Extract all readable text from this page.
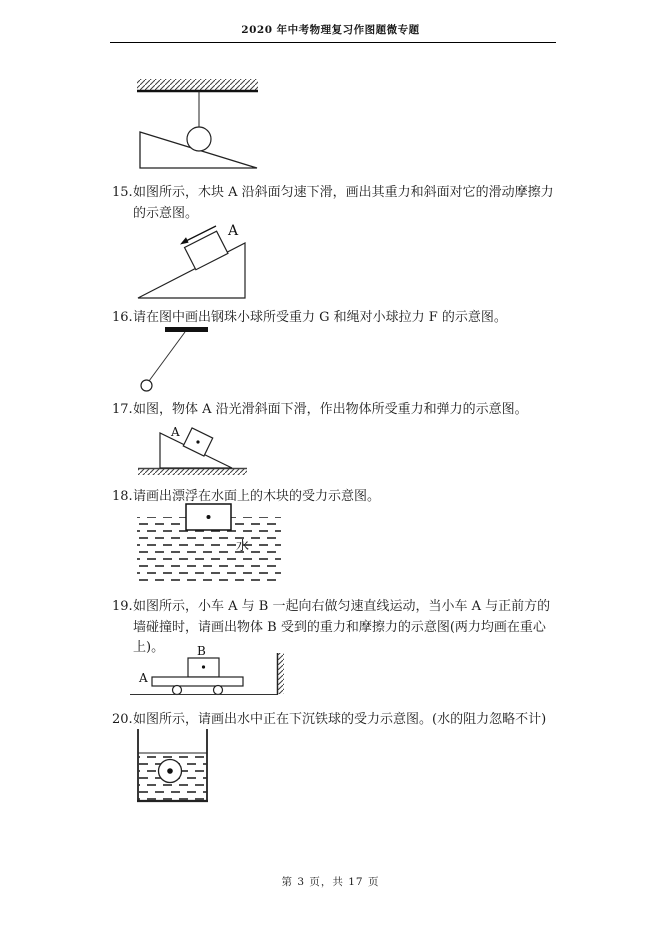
2020 年中考物理复习作图题微专题
15. 如图所示，木块 A 沿斜面匀速下滑，画出其重力和斜面对它的滑动摩擦力的示意图。
A
16. 请在图中画出钢珠小球所受重力 G 和绳对小球拉力 F 的示意图。
17. 如图，物体 A 沿光滑斜面下滑，作出物体所受重力和弹力的示意图。
A
18. 请画出漂浮在水面上的木块的受力示意图。
水
19. 如图所示，小车 A 与 B 一起向右做匀速直线运动，当小车 A 与正前方的墙碰撞时，请画出物体 B 受到的重力和摩擦力的示意图(两力均画在重心上)。	B
A
20. 如图所示，请画出水中正在下沉铁球的受力示意图。(水的阻力忽略不计)
第 3 页，共 17 页
